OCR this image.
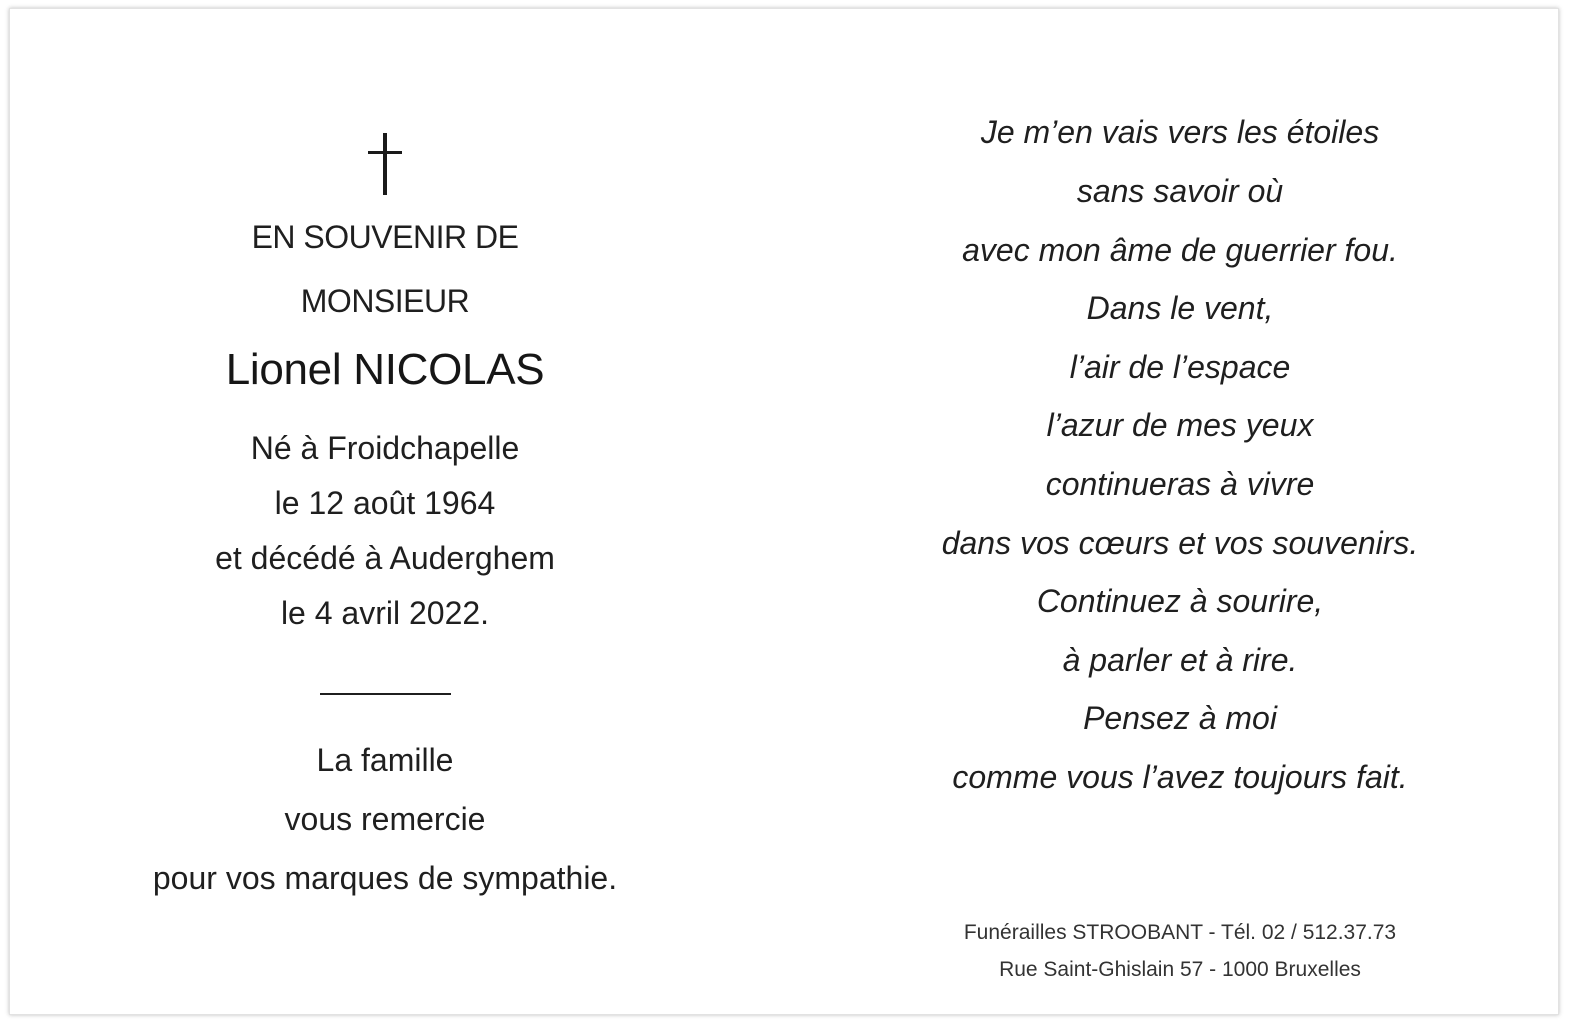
EN SOUVENIR DE
MONSIEUR
Lionel NICOLAS
Né à Froidchapelle
le 12 août 1964
et décédé à Auderghem
le 4 avril 2022.
La famille
vous remercie
pour vos marques de sympathie.
Je m’en vais vers les étoiles
sans savoir où
avec mon âme de guerrier fou.
Dans le vent,
l’air de l’espace
l’azur de mes yeux
continueras à vivre
dans vos cœurs et vos souvenirs.
Continuez à sourire,
à parler et à rire.
Pensez à moi
comme vous l’avez toujours fait.
Funérailles STROOBANT - Tél. 02 / 512.37.73
Rue Saint-Ghislain 57 - 1000 Bruxelles
